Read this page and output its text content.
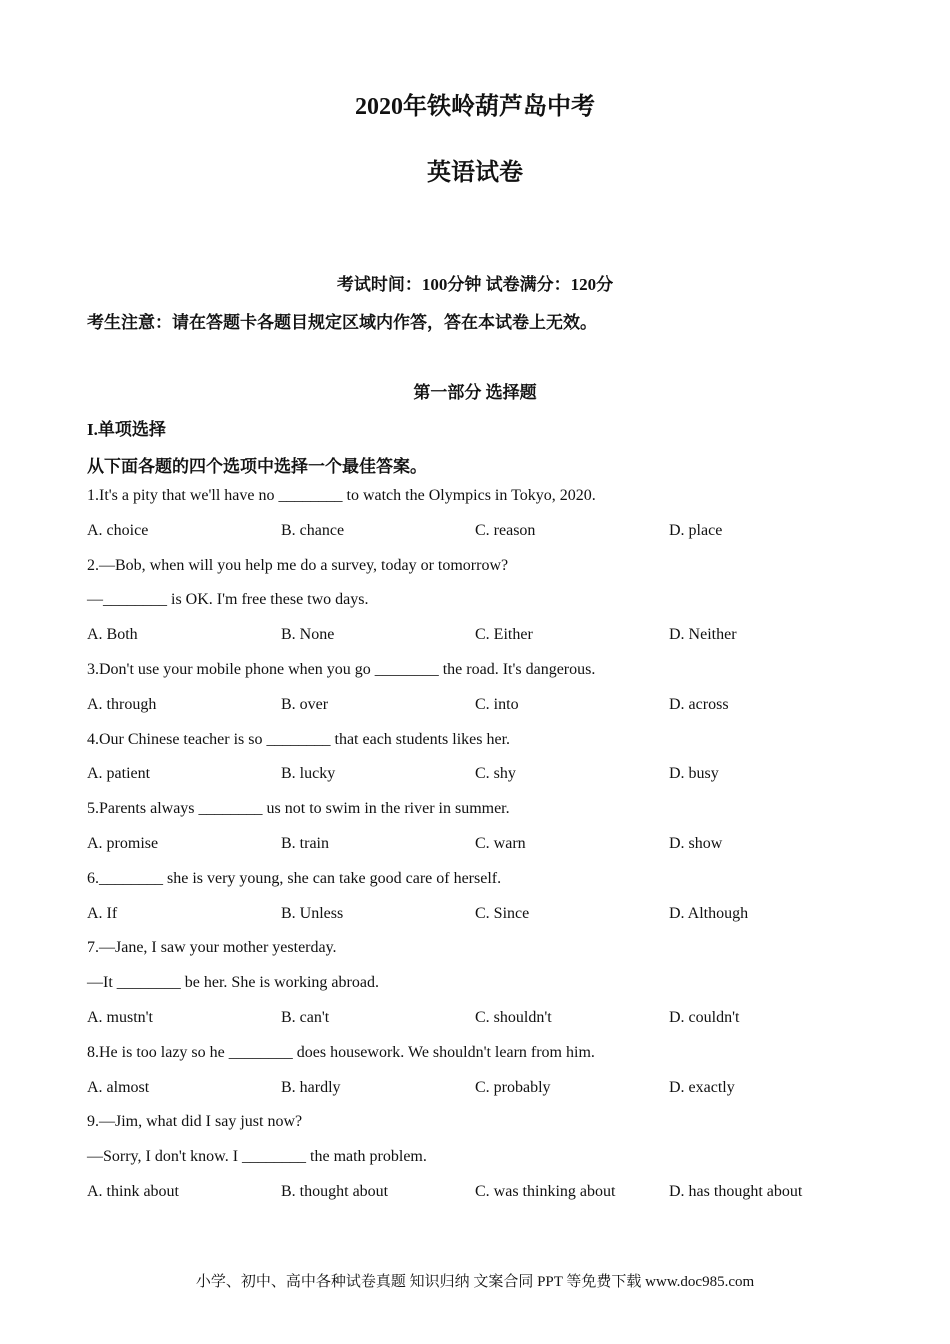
2020年铁岭葫芦岛中考
英语试卷
考试时间：100分钟 试卷满分：120分
考生注意：请在答题卡各题目规定区域内作答，答在本试卷上无效。
第一部分 选择题
I.单项选择
从下面各题的四个选项中选择一个最佳答案。
1.It's a pity that we'll have no ________ to watch the Olympics in Tokyo, 2020.
A. choice	B. chance	C. reason	D. place
2.—Bob, when will you help me do a survey, today or tomorrow?
—________ is OK. I'm free these two days.
A. Both	B. None	C. Either	D. Neither
3.Don't use your mobile phone when you go ________ the road. It's dangerous.
A. through	B. over	C. into	D. across
4.Our Chinese teacher is so ________ that each students likes her.
A. patient	B. lucky	C. shy	D. busy
5.Parents always ________ us not to swim in the river in summer.
A. promise	B. train	C. warn	D. show
6.________ she is very young, she can take good care of herself.
A. If	B. Unless	C. Since	D. Although
7.—Jane, I saw your mother yesterday.
—It ________ be her. She is working abroad.
A. mustn't	B. can't	C. shouldn't	D. couldn't
8.He is too lazy so he ________ does housework. We shouldn't learn from him.
A. almost	B. hardly	C. probably	D. exactly
9.—Jim, what did I say just now?
—Sorry, I don't know. I ________ the math problem.
A. think about	B. thought about	C. was thinking about	D. has thought about
小学、初中、高中各种试卷真题 知识归纳 文案合同 PPT 等免费下载 www.doc985.com
